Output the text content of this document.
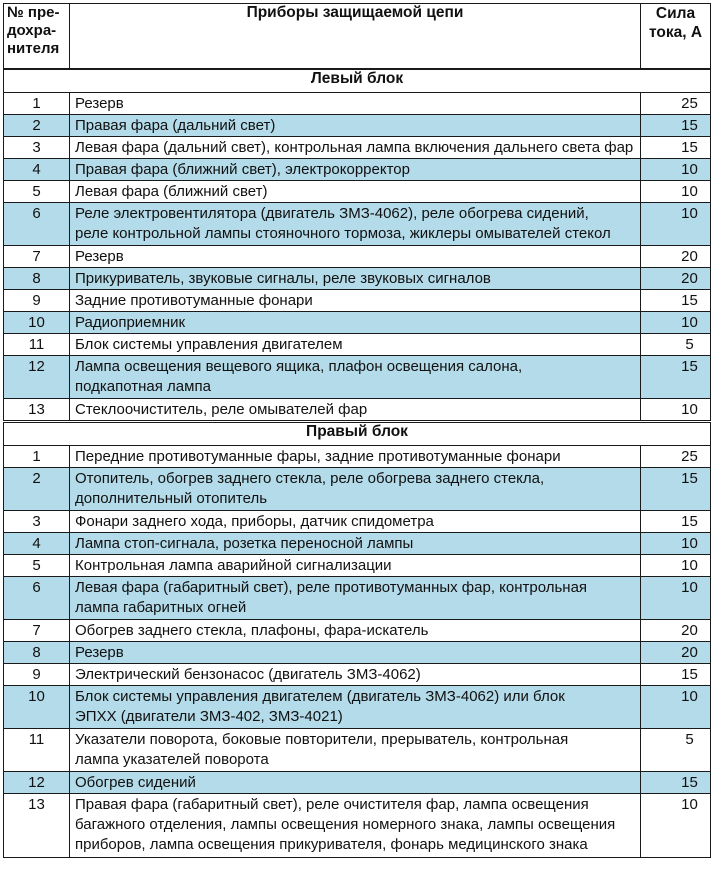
№ пре-
дохра-
нителя	Приборы защищаемой цепи	Сила
тока, А
Левый блок		
1	Резерв	25
2	Правая фара (дальний свет)	15
3	Левая фара (дальний свет), контрольная лампа включения дальнего света фар	15
4	Правая фара (ближний свет), электрокорректор	10
5	Левая фара (ближний свет)	10
6	Реле электровентилятора (двигатель ЗМЗ-4062), реле обогрева сидений,
реле контрольной лампы стояночного тормоза, жиклеры омывателей стекол	10
7	Резерв	20
8	Прикуриватель, звуковые сигналы, реле звуковых сигналов	20
9	Задние противотуманные фонари	15
10	Радиоприемник	10
11	Блок системы управления двигателем	5
12	Лампа освещения вещевого ящика, плафон освещения салона,
подкапотная лампа	15
13	Стеклоочиститель, реле омывателей фар	10
Правый блок		
1	Передние противотуманные фары, задние противотуманные фонари	25
2	Отопитель, обогрев заднего стекла, реле обогрева заднего стекла,
дополнительный отопитель	15
3	Фонари заднего хода, приборы, датчик спидометра	15
4	Лампа стоп-сигнала, розетка переносной лампы	10
5	Контрольная лампа аварийной сигнализации	10
6	Левая фара (габаритный свет), реле противотуманных фар, контрольная
лампа габаритных огней	10
7	Обогрев заднего стекла, плафоны, фара-искатель	20
8	Резерв	20
9	Электрический бензонасос (двигатель ЗМЗ-4062)	15
10	Блок системы управления двигателем (двигатель ЗМЗ-4062) или блок
ЭПХХ (двигатели ЗМЗ-402, ЗМЗ-4021)	10
11	Указатели поворота, боковые повторители, прерыватель, контрольная
лампа указателей поворота	5
12	Обогрев сидений	15
13	Правая фара (габаритный свет), реле очистителя фар, лампа освещения
багажного отделения, лампы освещения номерного знака, лампы освещения
приборов, лампа освещения прикуривателя, фонарь медицинского знака	10
